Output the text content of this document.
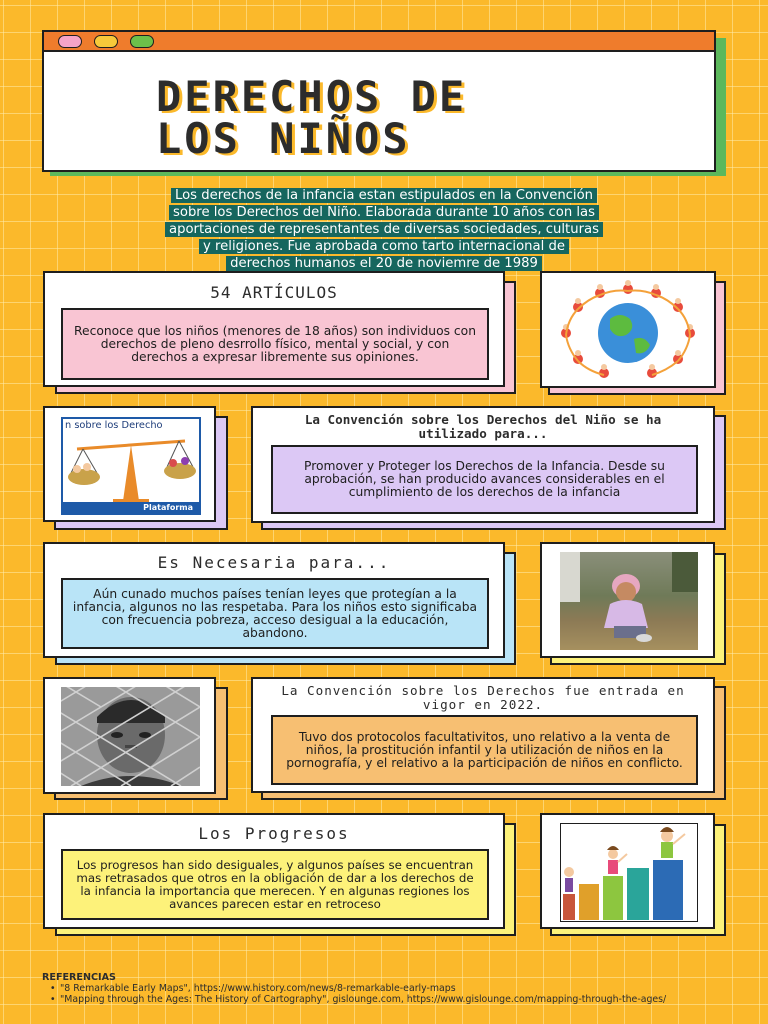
DERECHOS DE
LOS NIÑOS
Los derechos de la infancia estan estipulados en la Convención
sobre los Derechos del Niño. Elaborada durante 10 años con las
aportaciones de representantes de diversas sociedades, culturas
y religiones. Fue aprobada como tarto internacional de
derechos humanos el 20 de noviemre de 1989
54 ARTÍCULOS
Reconoce que los niños (menores de 18 años) son individuos con derechos de pleno desrrollo físico, mental y social, y con derechos a expresar libremente sus opiniones.
n sobre los Derecho
Plataforma
La Convención sobre los Derechos del Niño se ha utilizado para...
Promover y Proteger los Derechos de la Infancia. Desde su aprobación, se han producido avances considerables en el cumplimiento de los derechos de la infancia
Es Necesaria para...
Aún cunado muchos países tenían leyes que protegían a la infancia, algunos no las respetaba. Para los niños esto significaba con frecuencia pobreza, acceso desigual a la educación, abandono.
La Convención sobre los Derechos fue entrada en vigor en 2022.
Tuvo dos protocolos facultativitos, uno relativo a la venta de niños, la prostitución infantil y la utilización de niños en la pornografía, y el relativo a la participación de niños en conflicto.
Los Progresos
Los progresos han sido desiguales, y algunos países se encuentran mas retrasados que otros en la obligación de dar a los derechos de la infancia la importancia que merecen. Y en algunas regiones los avances parecen estar en retroceso
REFERENCIAS
• "8 Remarkable Early Maps", https://www.history.com/news/8-remarkable-early-maps
• "Mapping through the Ages: The History of Cartography", gislounge.com, https://www.gislounge.com/mapping-through-the-ages/
